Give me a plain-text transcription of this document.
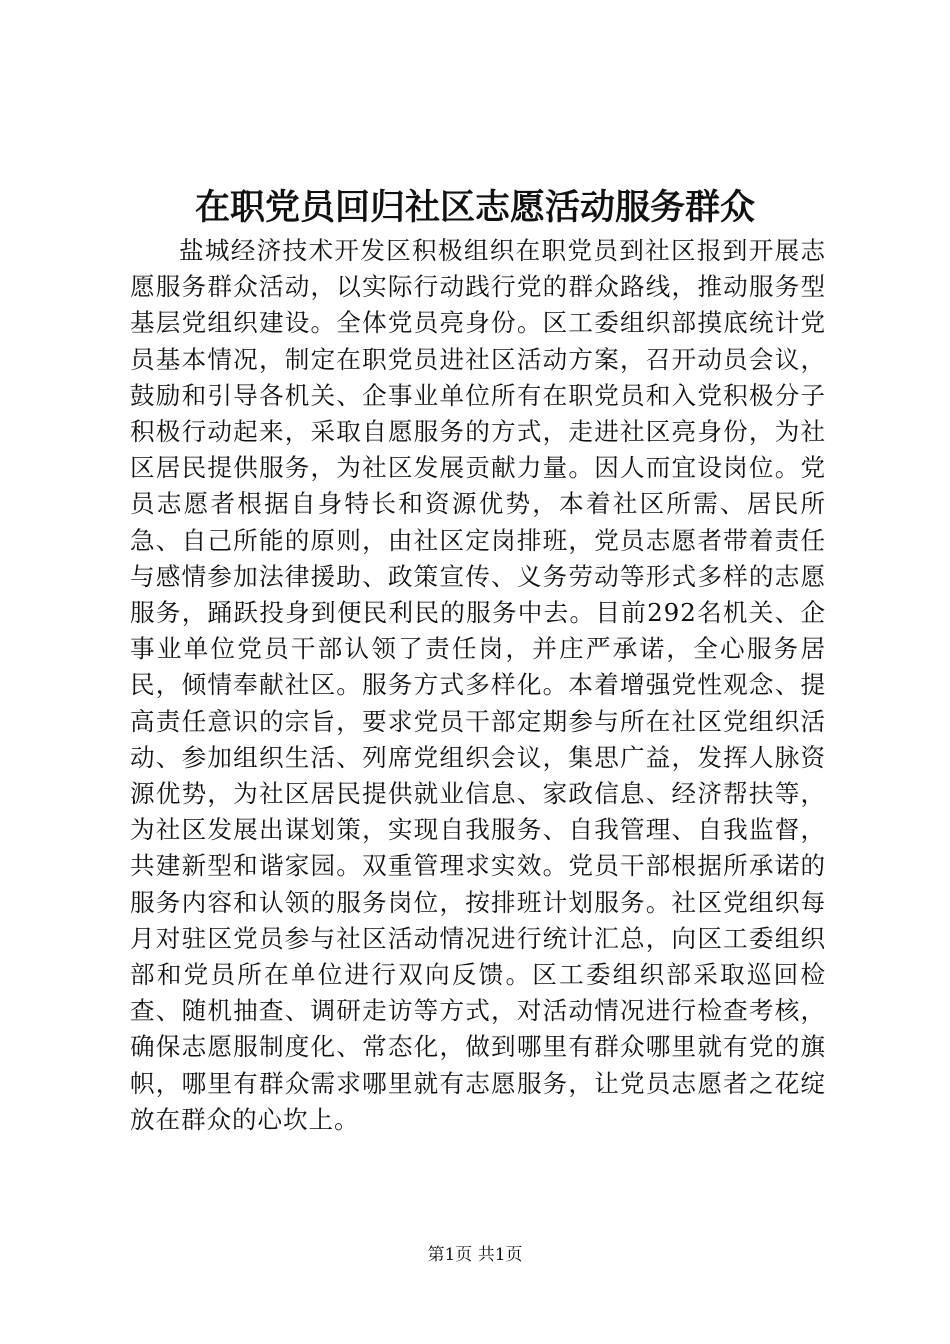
在职党员回归社区志愿活动服务群众

盐城经济技术开发区积极组织在职党员到社区报到开展志愿服务群众活动，以实际行动践行党的群众路线，推动服务型基层党组织建设。全体党员亮身份。区工委组织部摸底统计党员基本情况，制定在职党员进社区活动方案，召开动员会议，鼓励和引导各机关、企事业单位所有在职党员和入党积极分子积极行动起来，采取自愿服务的方式，走进社区亮身份，为社区居民提供服务，为社区发展贡献力量。因人而宜设岗位。党员志愿者根据自身特长和资源优势，本着社区所需、居民所急、自己所能的原则，由社区定岗排班，党员志愿者带着责任与感情参加法律援助、政策宣传、义务劳动等形式多样的志愿服务，踊跃投身到便民利民的服务中去。目前292名机关、企事业单位党员干部认领了责任岗，并庄严承诺，全心服务居民，倾情奉献社区。服务方式多样化。本着增强党性观念、提高责任意识的宗旨，要求党员干部定期参与所在社区党组织活动、参加组织生活、列席党组织会议，集思广益，发挥人脉资源优势，为社区居民提供就业信息、家政信息、经济帮扶等，为社区发展出谋划策，实现自我服务、自我管理、自我监督，共建新型和谐家园。双重管理求实效。党员干部根据所承诺的服务内容和认领的服务岗位，按排班计划服务。社区党组织每月对驻区党员参与社区活动情况进行统计汇总，向区工委组织部和党员所在单位进行双向反馈。区工委组织部采取巡回检查、随机抽查、调研走访等方式，对活动情况进行检查考核，确保志愿服制度化、常态化，做到哪里有群众哪里就有党的旗帜，哪里有群众需求哪里就有志愿服务，让党员志愿者之花绽放在群众的心坎上。

第1页 共1页
